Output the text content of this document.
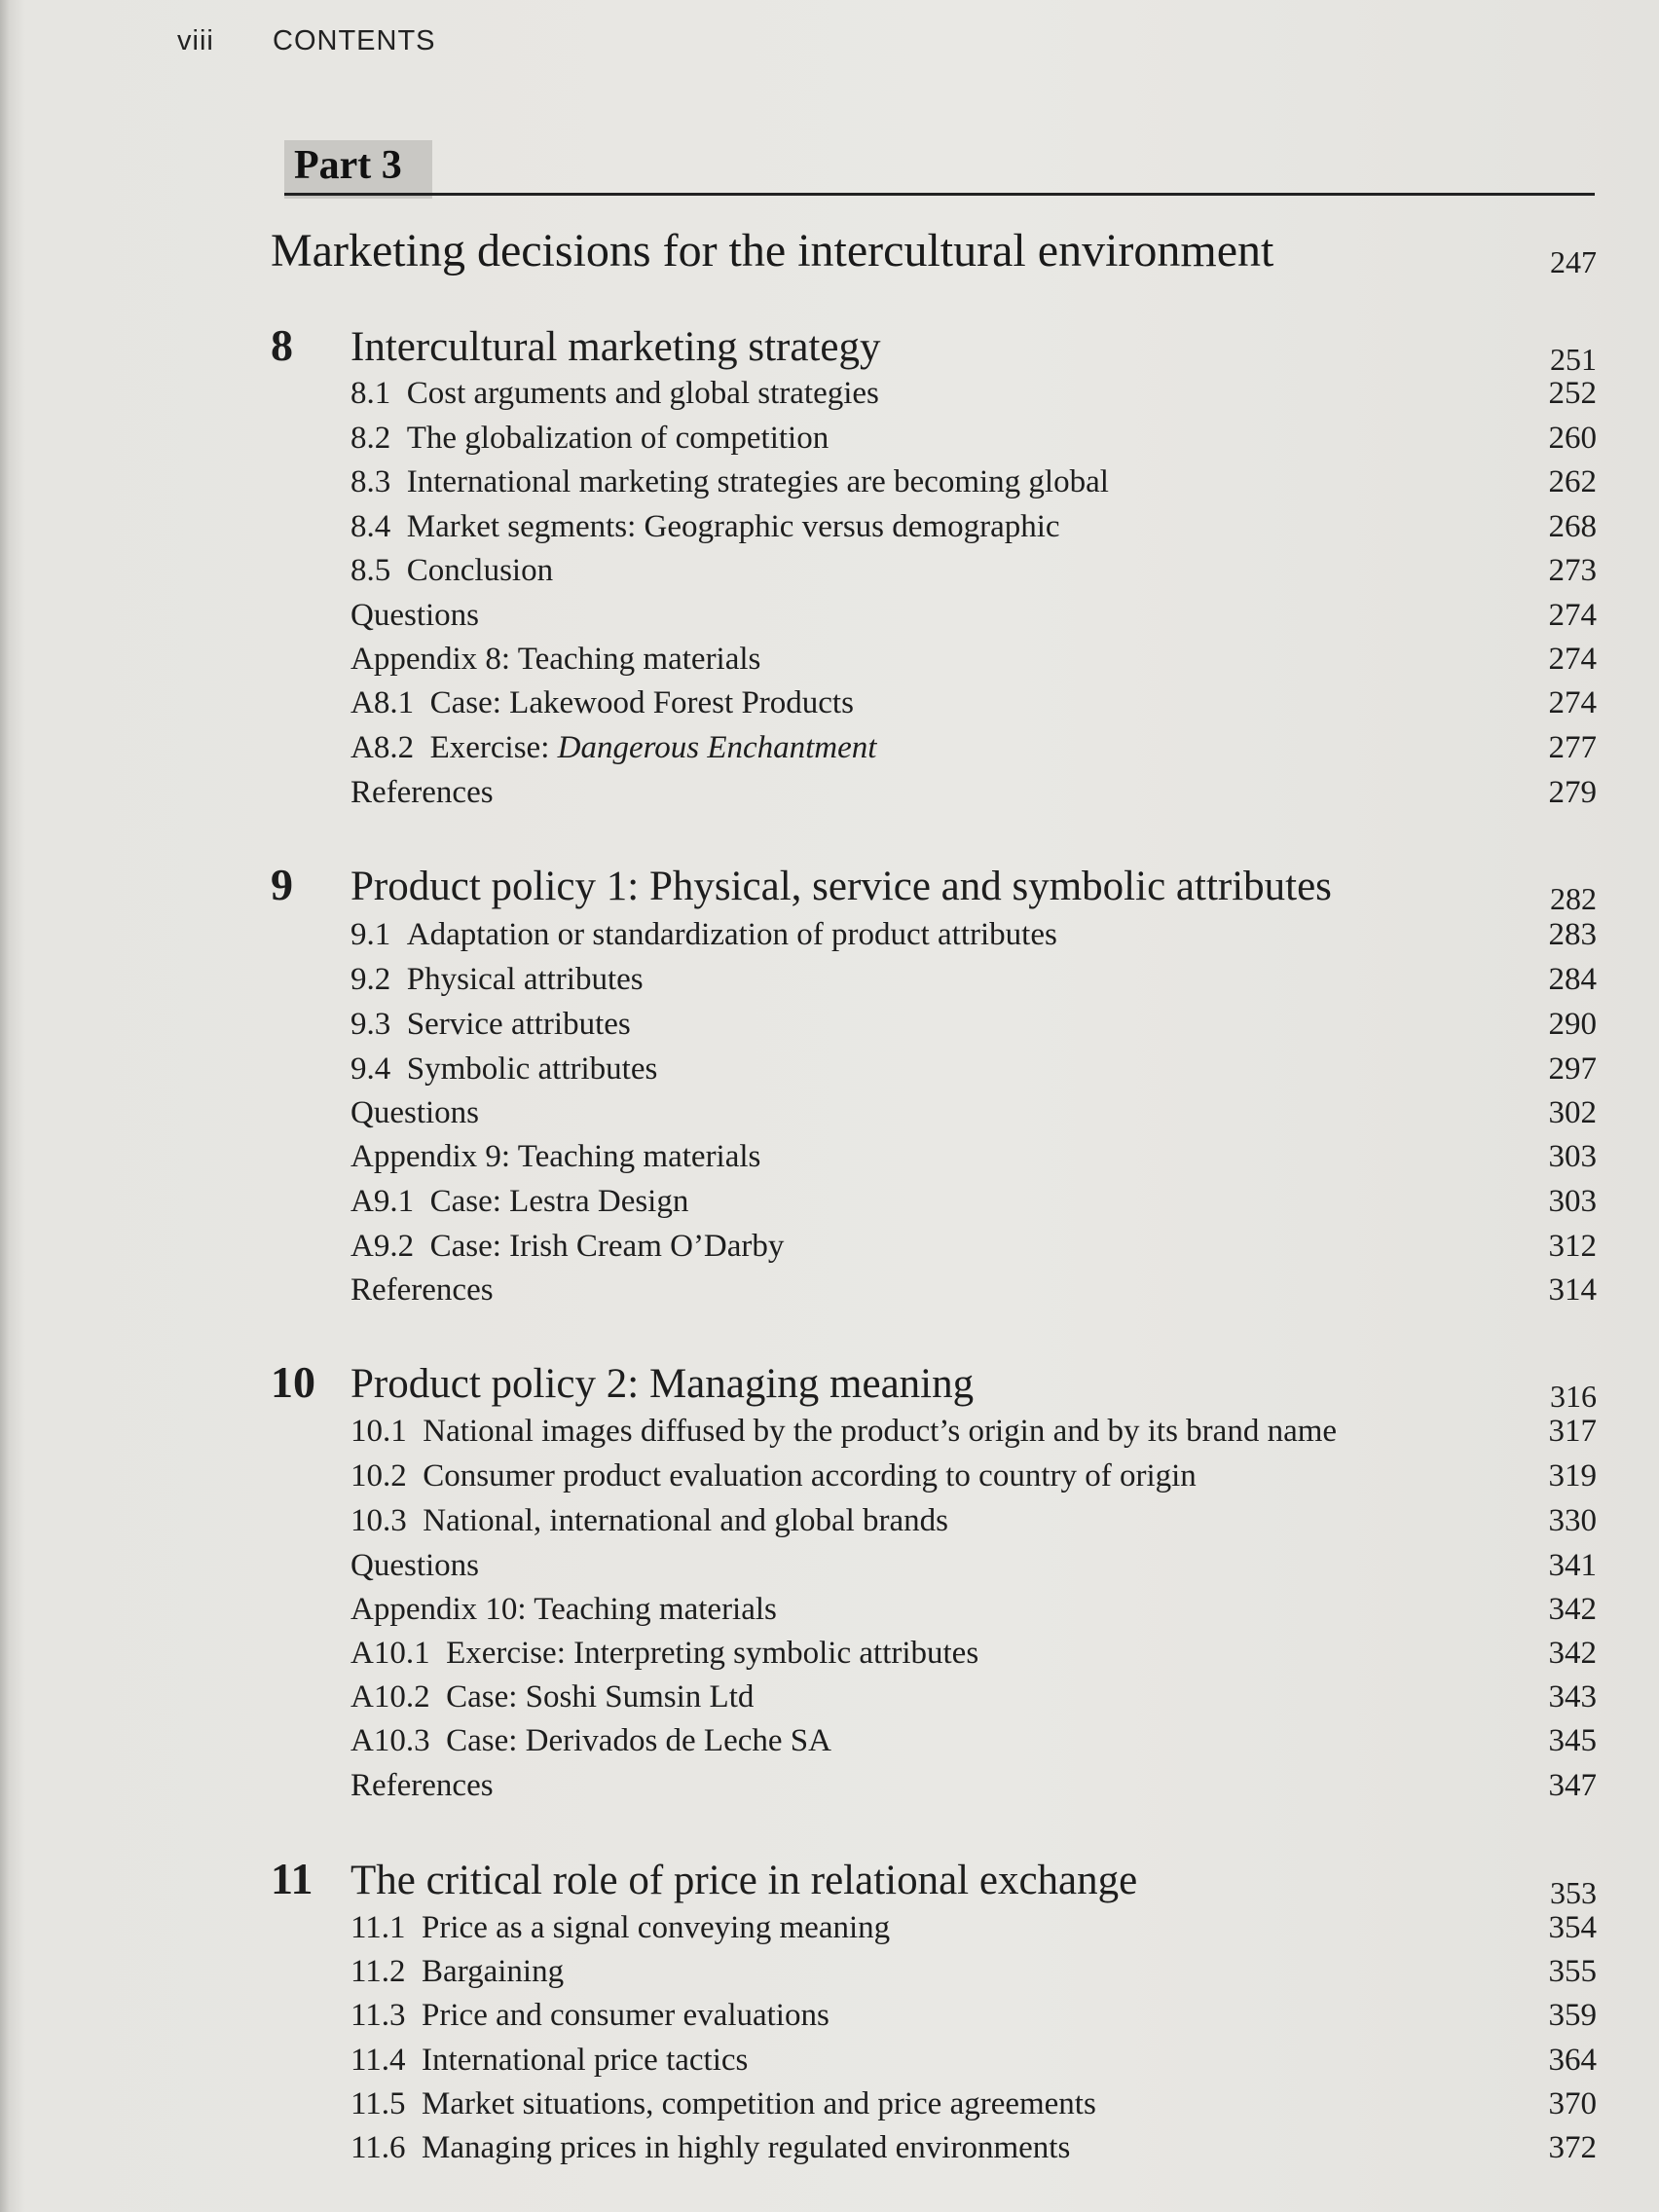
viii CONTENTS
Part 3
Marketing decisions for the intercultural environment	247
8 Intercultural marketing strategy	251
8.1 Cost arguments and global strategies	252
8.2 The globalization of competition	260
8.3 International marketing strategies are becoming global	262
8.4 Market segments: Geographic versus demographic	268
8.5 Conclusion	273
Questions	274
Appendix 8: Teaching materials	274
A8.1 Case: Lakewood Forest Products	274
A8.2 Exercise: Dangerous Enchantment	277
References	279
9 Product policy 1: Physical, service and symbolic attributes	282
9.1 Adaptation or standardization of product attributes	283
9.2 Physical attributes	284
9.3 Service attributes	290
9.4 Symbolic attributes	297
Questions	302
Appendix 9: Teaching materials	303
A9.1 Case: Lestra Design	303
A9.2 Case: Irish Cream O’Darby	312
References	314
10 Product policy 2: Managing meaning	316
10.1 National images diffused by the product’s origin and by its brand name	317
10.2 Consumer product evaluation according to country of origin	319
10.3 National, international and global brands	330
Questions	341
Appendix 10: Teaching materials	342
A10.1 Exercise: Interpreting symbolic attributes	342
A10.2 Case: Soshi Sumsin Ltd	343
A10.3 Case: Derivados de Leche SA	345
References	347
11 The critical role of price in relational exchange	353
11.1 Price as a signal conveying meaning	354
11.2 Bargaining	355
11.3 Price and consumer evaluations	359
11.4 International price tactics	364
11.5 Market situations, competition and price agreements	370
11.6 Managing prices in highly regulated environments	372
